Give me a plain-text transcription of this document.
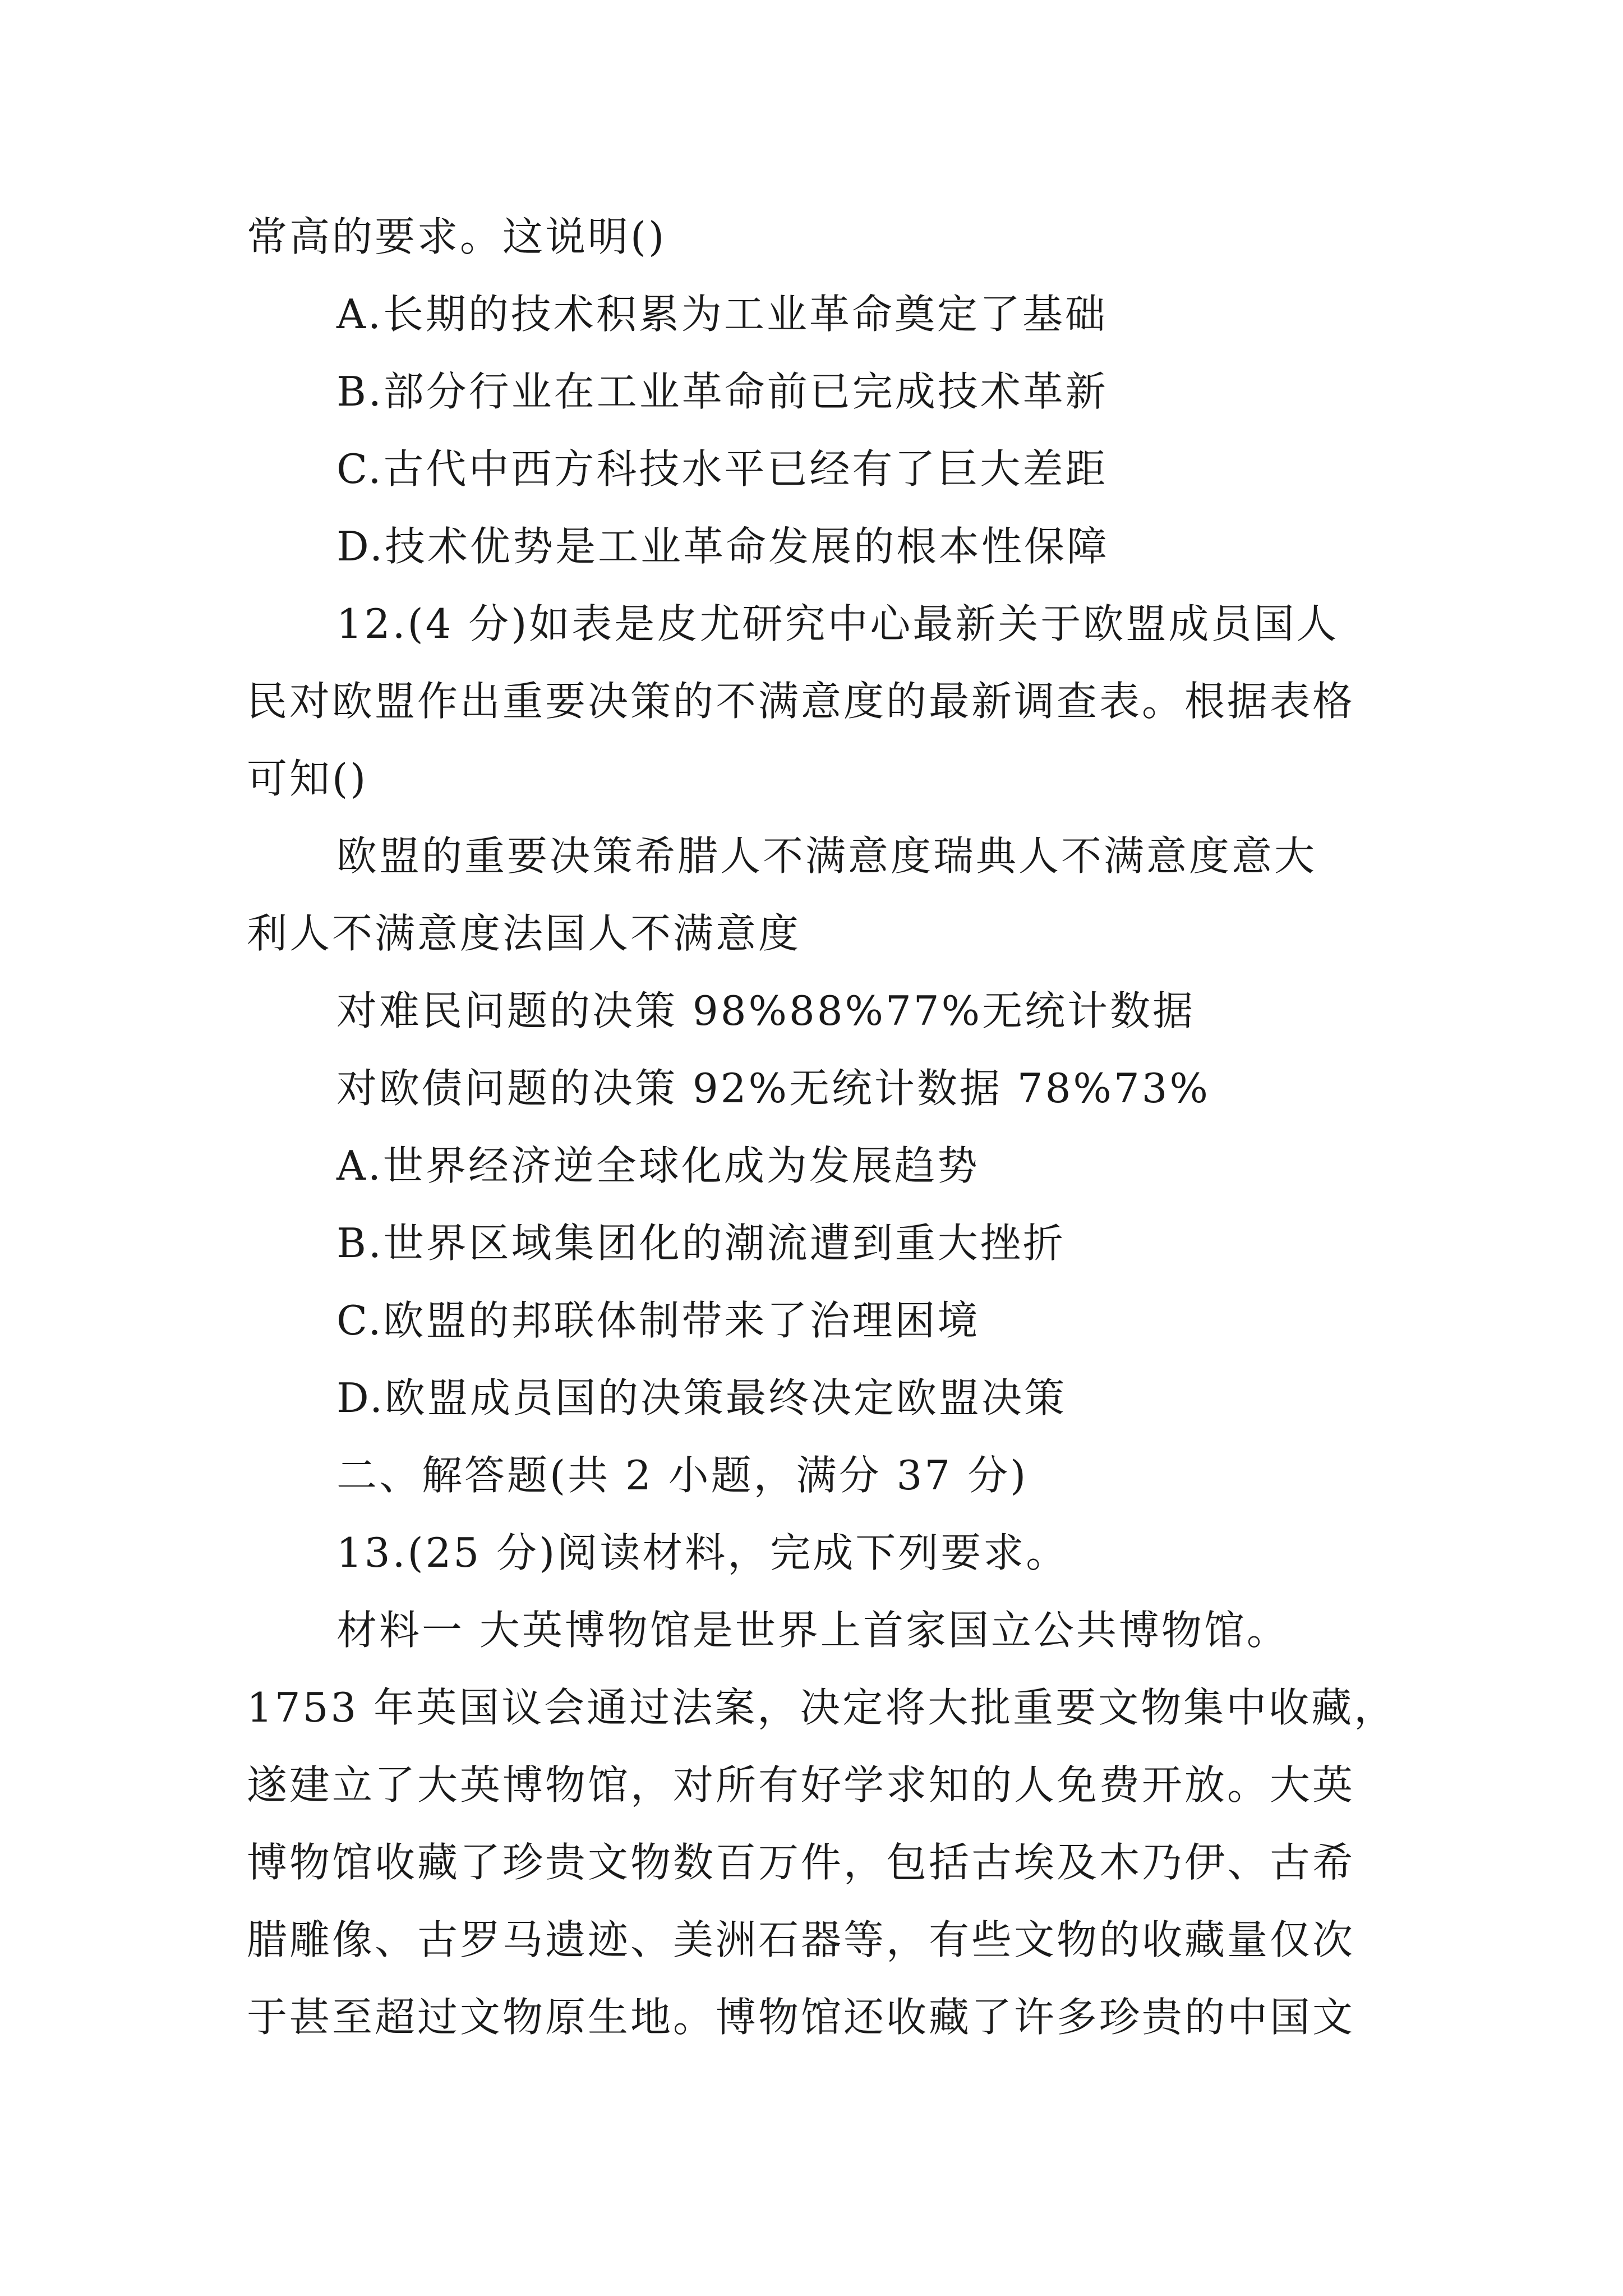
常高的要求。这说明()
A.长期的技术积累为工业革命奠定了基础
B.部分行业在工业革命前已完成技术革新
C.古代中西方科技水平已经有了巨大差距
D.技术优势是工业革命发展的根本性保障
12.(4 分)如表是皮尤研究中心最新关于欧盟成员国人
民对欧盟作出重要决策的不满意度的最新调查表。根据表格
可知()
欧盟的重要决策希腊人不满意度瑞典人不满意度意大
利人不满意度法国人不满意度
对难民问题的决策 98%88%77%无统计数据
对欧债问题的决策 92%无统计数据 78%73%
A.世界经济逆全球化成为发展趋势
B.世界区域集团化的潮流遭到重大挫折
C.欧盟的邦联体制带来了治理困境
D.欧盟成员国的决策最终决定欧盟决策
二、解答题(共 2 小题，满分 37 分)
13.(25 分)阅读材料，完成下列要求。
材料一 大英博物馆是世界上首家国立公共博物馆。
1753 年英国议会通过法案，决定将大批重要文物集中收藏，
遂建立了大英博物馆，对所有好学求知的人免费开放。大英
博物馆收藏了珍贵文物数百万件，包括古埃及木乃伊、古希
腊雕像、古罗马遗迹、美洲石器等，有些文物的收藏量仅次
于甚至超过文物原生地。博物馆还收藏了许多珍贵的中国文
